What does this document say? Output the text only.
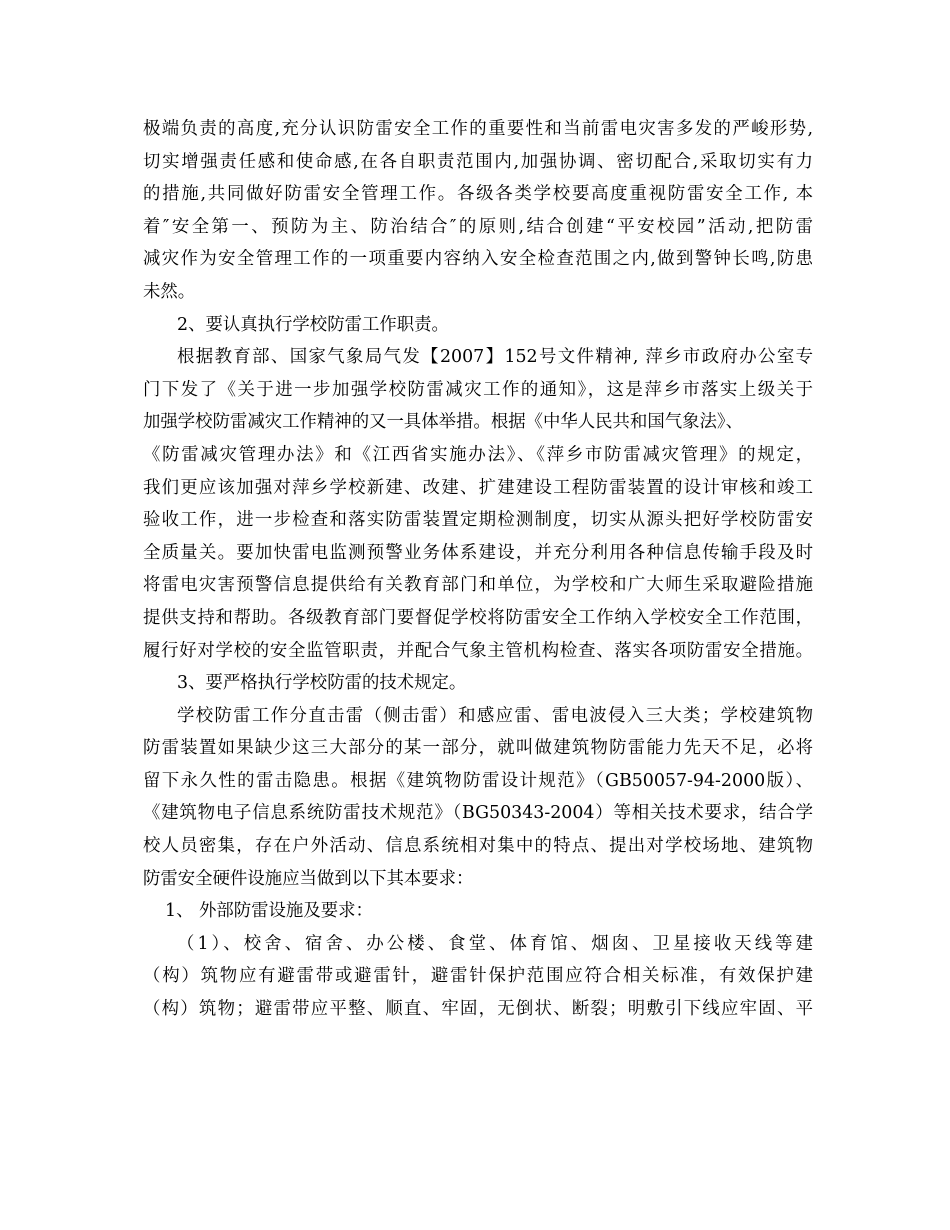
极端负责的高度,充分认识防雷安全工作的重要性和当前雷电灾害多发的严峻形势,
切实增强责任感和使命感,在各自职责范围内,加强协调、密切配合,采取切实有力
的措施,共同做好防雷安全管理工作。各级各类学校要高度重视防雷安全工作, 本
着″安全第一、预防为主、防治结合″的原则,结合创建“平安校园”活动,把防雷
减灾作为安全管理工作的一项重要内容纳入安全检查范围之内,做到警钟长鸣,防患
未然。
2、要认真执行学校防雷工作职责。
根据教育部、国家气象局气发【2007】152号文件精神, 萍乡市政府办公室专
门下发了《关于进一步加强学校防雷减灾工作的通知》，这是萍乡市落实上级关于
加强学校防雷减灾工作精神的又一具体举措。根据《中华人民共和国气象法》、
《防雷减灾管理办法》和《江西省实施办法》、《萍乡市防雷减灾管理》的规定，
我们更应该加强对萍乡学校新建、改建、扩建建设工程防雷装置的设计审核和竣工
验收工作，进一步检查和落实防雷装置定期检测制度，切实从源头把好学校防雷安
全质量关。要加快雷电监测预警业务体系建设，并充分利用各种信息传输手段及时
将雷电灾害预警信息提供给有关教育部门和单位，为学校和广大师生采取避险措施
提供支持和帮助。各级教育部门要督促学校将防雷安全工作纳入学校安全工作范围，
履行好对学校的安全监管职责，并配合气象主管机构检查、落实各项防雷安全措施。
3、要严格执行学校防雷的技术规定。
学校防雷工作分直击雷（侧击雷）和感应雷、雷电波侵入三大类；学校建筑物
防雷装置如果缺少这三大部分的某一部分，就叫做建筑物防雷能力先天不足，必将
留下永久性的雷击隐患。根据《建筑物防雷设计规范》（GB50057-94-2000版）、
《建筑物电子信息系统防雷技术规范》（BG50343-2004）等相关技术要求，结合学
校人员密集，存在户外活动、信息系统相对集中的特点、提出对学校场地、建筑物
防雷安全硬件设施应当做到以下其本要求：
1、 外部防雷设施及要求：
（1）、校舍、宿舍、办公楼、食堂、体育馆、烟囱、卫星接收天线等建
（构）筑物应有避雷带或避雷针，避雷针保护范围应符合相关标准，有效保护建
（构）筑物；避雷带应平整、顺直、牢固，无倒状、断裂；明敷引下线应牢固、平
